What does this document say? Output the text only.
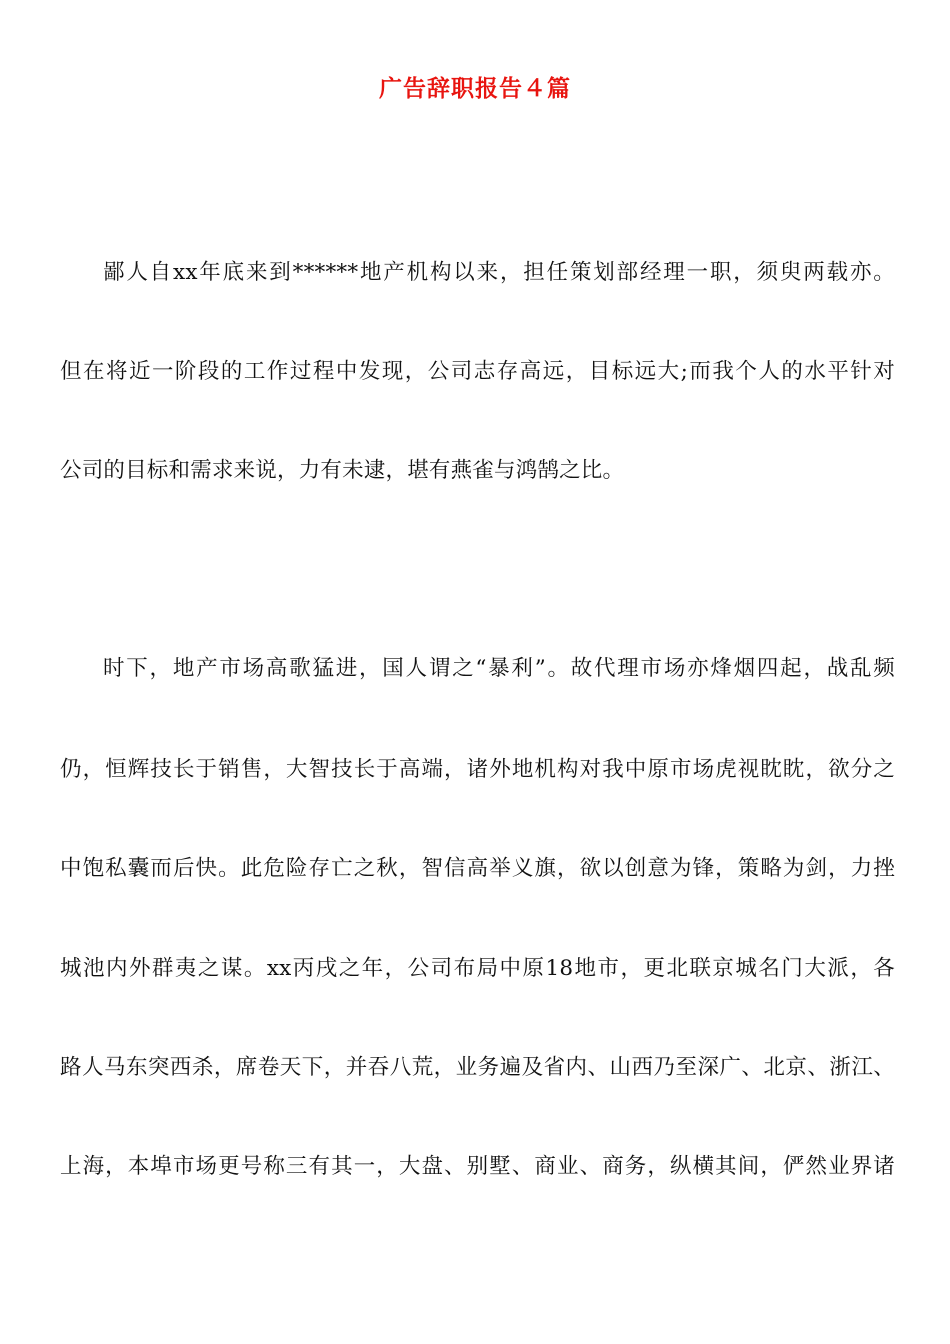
广告辞职报告４篇
鄙人自xx年底来到******地产机构以来，担任策划部经理一职，须臾两载亦。
但在将近一阶段的工作过程中发现，公司志存高远，目标远大;而我个人的水平针对
公司的目标和需求来说，力有未逮，堪有燕雀与鸿鹄之比。
时下，地产市场高歌猛进，国人谓之“暴利”。故代理市场亦烽烟四起，战乱频
仍，恒辉技长于销售，大智技长于高端，诸外地机构对我中原市场虎视眈眈，欲分之
中饱私囊而后快。此危险存亡之秋，智信高举义旗，欲以创意为锋，策略为剑，力挫
城池内外群夷之谋。xx丙戌之年，公司布局中原18地市，更北联京城名门大派，各
路人马东突西杀，席卷天下，并吞八荒，业务遍及省内、山西乃至深广、北京、浙江、
上海，本埠市场更号称三有其一，大盘、别墅、商业、商务，纵横其间，俨然业界诸
